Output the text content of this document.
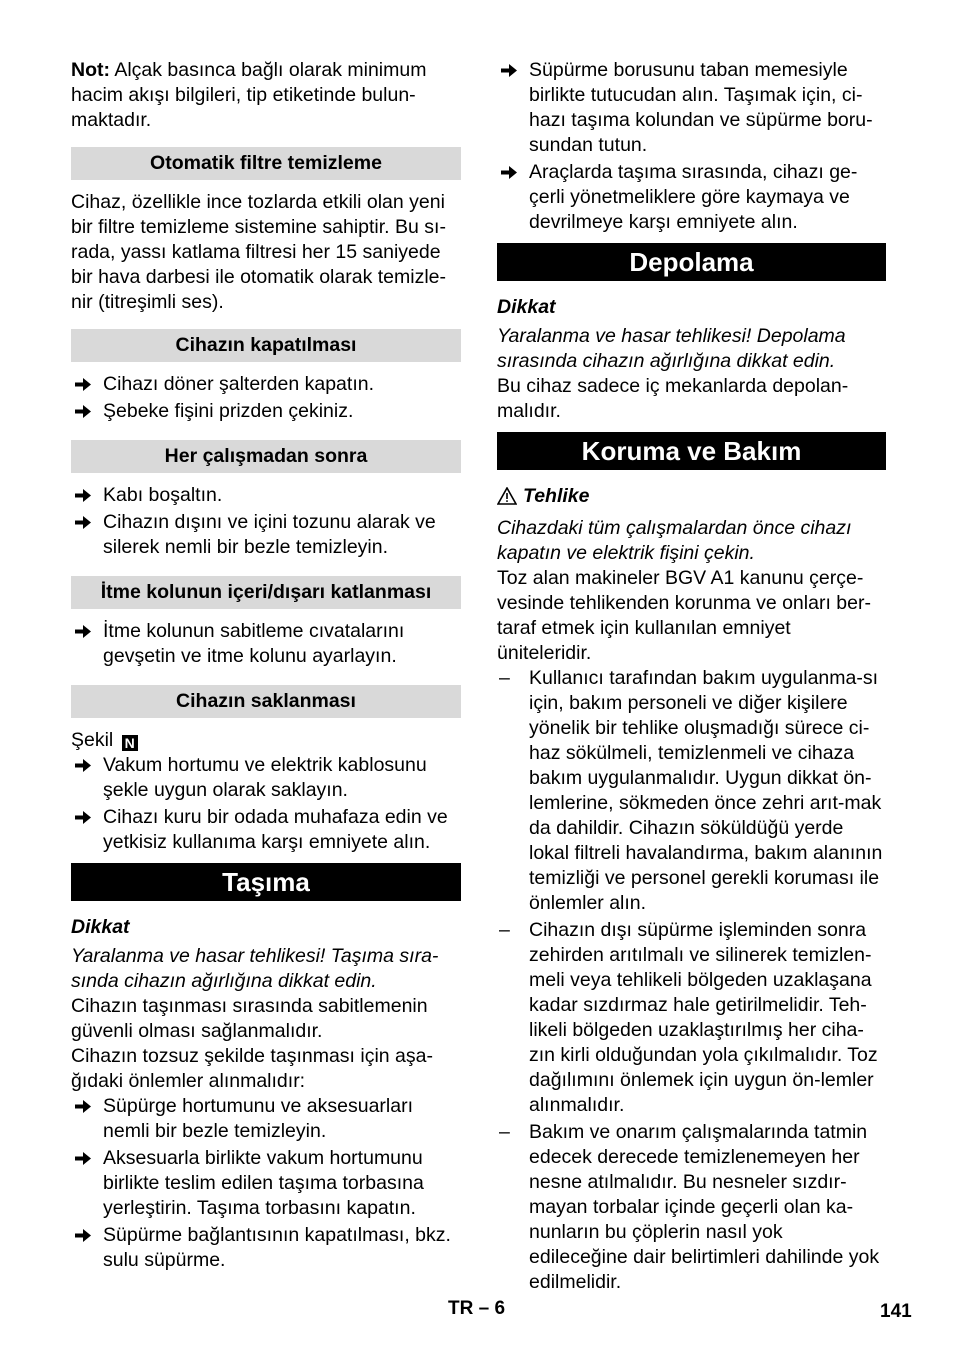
Not: Alçak basınca bağlı olarak minimum hacim akışı bilgileri, tip etiketinde bulun-maktadır.

Otomatik filtre temizleme

Cihaz, özellikle ince tozlarda etkili olan yeni bir filtre temizleme sistemine sahiptir. Bu sı-rada, yassı katlama filtresi her 15 saniyede bir hava darbesi ile otomatik olarak temizle-nir (titreşimli ses).

Cihazın kapatılması
Cihazı döner şalterden kapatın.
Şebeke fişini prizden çekiniz.
Her çalışmadan sonra
Kabı boşaltın.
Cihazın dışını ve içini tozunu alarak ve silerek nemli bir bezle temizleyin.
İtme kolunun içeri/dışarı katlanması
İtme kolunun sabitleme cıvatalarını gevşetin ve itme kolunu ayarlayın.
Cihazın saklanması

Şekil N

Vakum hortumu ve elektrik kablosunu şekle uygun olarak saklayın.
Cihazı kuru bir odada muhafaza edin ve yetkisiz kullanıma karşı emniyete alın.
Taşıma

Dikkat

Yaralanma ve hasar tehlikesi! Taşıma sıra-sında cihazın ağırlığına dikkat edin.

Cihazın taşınması sırasında sabitlemenin güvenli olması sağlanmalıdır.

Cihazın tozsuz şekilde taşınması için aşa-ğıdaki önlemler alınmalıdır:

Süpürge hortumunu ve aksesuarları nemli bir bezle temizleyin.
Aksesuarla birlikte vakum hortumunu birlikte teslim edilen taşıma torbasına yerleştirin. Taşıma torbasını kapatın.
Süpürme bağlantısının kapatılması, bkz. sulu süpürme.
Süpürme borusunu taban memesiyle birlikte tutucudan alın. Taşımak için, ci-hazı taşıma kolundan ve süpürme boru-sundan tutun.
Araçlarda taşıma sırasında, cihazı ge-çerli yönetmeliklere göre kaymaya ve devrilmeye karşı emniyete alın.
Depolama

Dikkat

Yaralanma ve hasar tehlikesi! Depolama sırasında cihazın ağırlığına dikkat edin.

Bu cihaz sadece iç mekanlarda depolan-malıdır.

Koruma ve Bakım

Tehlike

Cihazdaki tüm çalışmalardan önce cihazı kapatın ve elektrik fişini çekin.

Toz alan makineler BGV A1 kanunu çerçe-vesinde tehlikenden korunma ve onları ber-taraf etmek için kullanılan emniyet üniteleridir.

– Kullanıcı tarafından bakım uygulanma-sı için, bakım personeli ve diğer kişilere yönelik bir tehlike oluşmadığı sürece ci-haz sökülmeli, temizlenmeli ve cihaza bakım uygulanmalıdır. Uygun dikkat ön-lemlerine, sökmeden önce zehri arıt-mak da dahildir. Cihazın söküldüğü yerde lokal filtreli havalandırma, bakım alanının temizliği ve personel gerekli koruması ile önlemler alın.
– Cihazın dışı süpürme işleminden sonra zehirden arıtılmalı ve silinerek temizlen-meli veya tehlikeli bölgeden uzaklaşana kadar sızdırmaz hale getirilmelidir. Teh-likeli bölgeden uzaklaştırılmış her ciha-zın kirli olduğundan yola çıkılmalıdır. Toz dağılımını önlemek için uygun ön-lemler alınmalıdır.
– Bakım ve onarım çalışmalarında tatmin edecek derecede temizlenemeyen her nesne atılmalıdır. Bu nesneler sızdır-mayan torbalar içinde geçerli olan ka-nunların bu çöplerin nasıl yok edileceğine dair belirtimleri dahilinde yok edilmelidir.
TR – 6	141
